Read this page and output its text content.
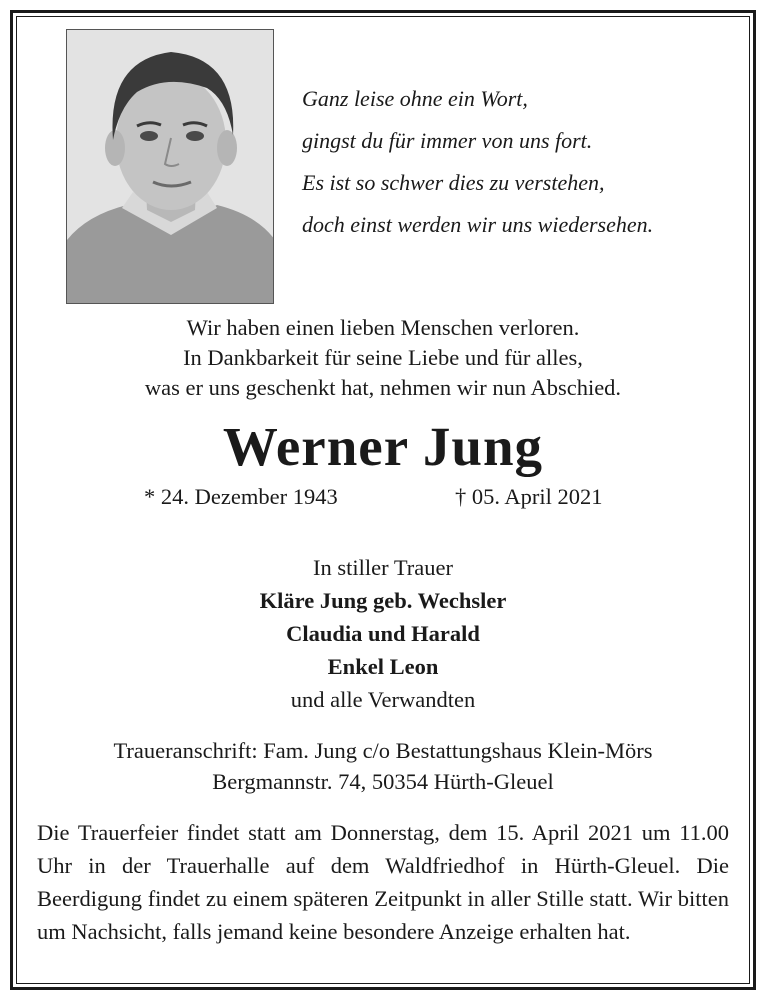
Ganz leise ohne ein Wort,
gingst du für immer von uns fort.
Es ist so schwer dies zu verstehen,
doch einst werden wir uns wiedersehen.
Wir haben einen lieben Menschen verloren.
In Dankbarkeit für seine Liebe und für alles,
was er uns geschenkt hat, nehmen wir nun Abschied.
Werner Jung
* 24. Dezember 1943	† 05. April 2021
In stiller Trauer
Kläre Jung geb. Wechsler
Claudia und Harald
Enkel Leon
und alle Verwandten
Traueranschrift: Fam. Jung c/o Bestattungshaus Klein-Mörs
Bergmannstr. 74, 50354 Hürth-Gleuel
Die Trauerfeier findet statt am Donnerstag, dem 15. April 2021 um 11.00 Uhr in der Trauerhalle auf dem Waldfriedhof in Hürth-Gleuel. Die Beerdigung findet zu einem späteren Zeitpunkt in aller Stille statt. Wir bitten um Nachsicht, falls jemand keine besondere Anzeige erhalten hat.
